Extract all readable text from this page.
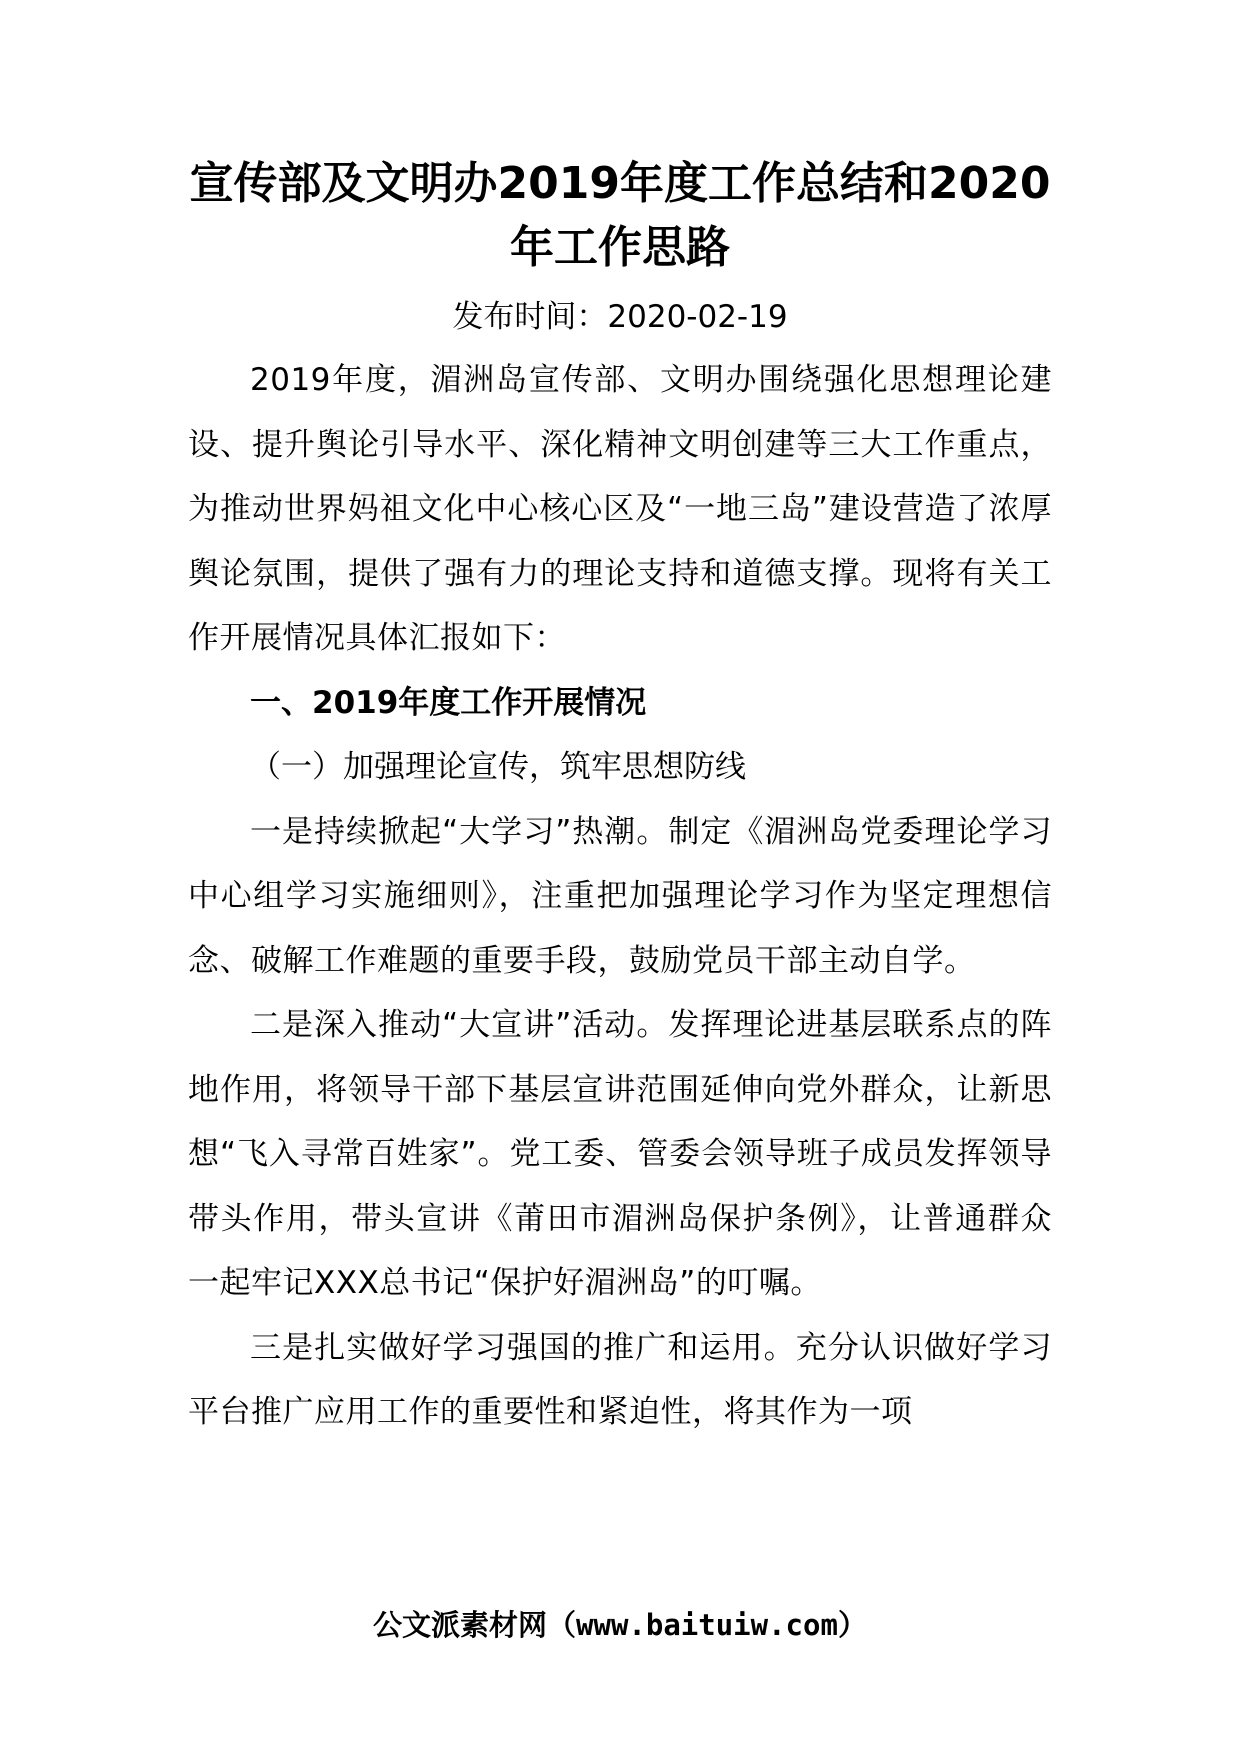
宣传部及文明办2019年度工作总结和2020年工作思路

发布时间：2020-02-19

2019年度，湄洲岛宣传部、文明办围绕强化思想理论建设、提升舆论引导水平、深化精神文明创建等三大工作重点，为推动世界妈祖文化中心核心区及“一地三岛”建设营造了浓厚舆论氛围，提供了强有力的理论支持和道德支撑。现将有关工作开展情况具体汇报如下：

一、2019年度工作开展情况

（一）加强理论宣传，筑牢思想防线

一是持续掀起“大学习”热潮。制定《湄洲岛党委理论学习中心组学习实施细则》，注重把加强理论学习作为坚定理想信念、破解工作难题的重要手段，鼓励党员干部主动自学。

二是深入推动“大宣讲”活动。发挥理论进基层联系点的阵地作用，将领导干部下基层宣讲范围延伸向党外群众，让新思想“飞入寻常百姓家”。党工委、管委会领导班子成员发挥领导带头作用，带头宣讲《莆田市湄洲岛保护条例》，让普通群众一起牢记XXX总书记“保护好湄洲岛”的叮嘱。

三是扎实做好学习强国的推广和运用。充分认识做好学习平台推广应用工作的重要性和紧迫性，将其作为一项

公文派素材网（www.baituiw.com）
